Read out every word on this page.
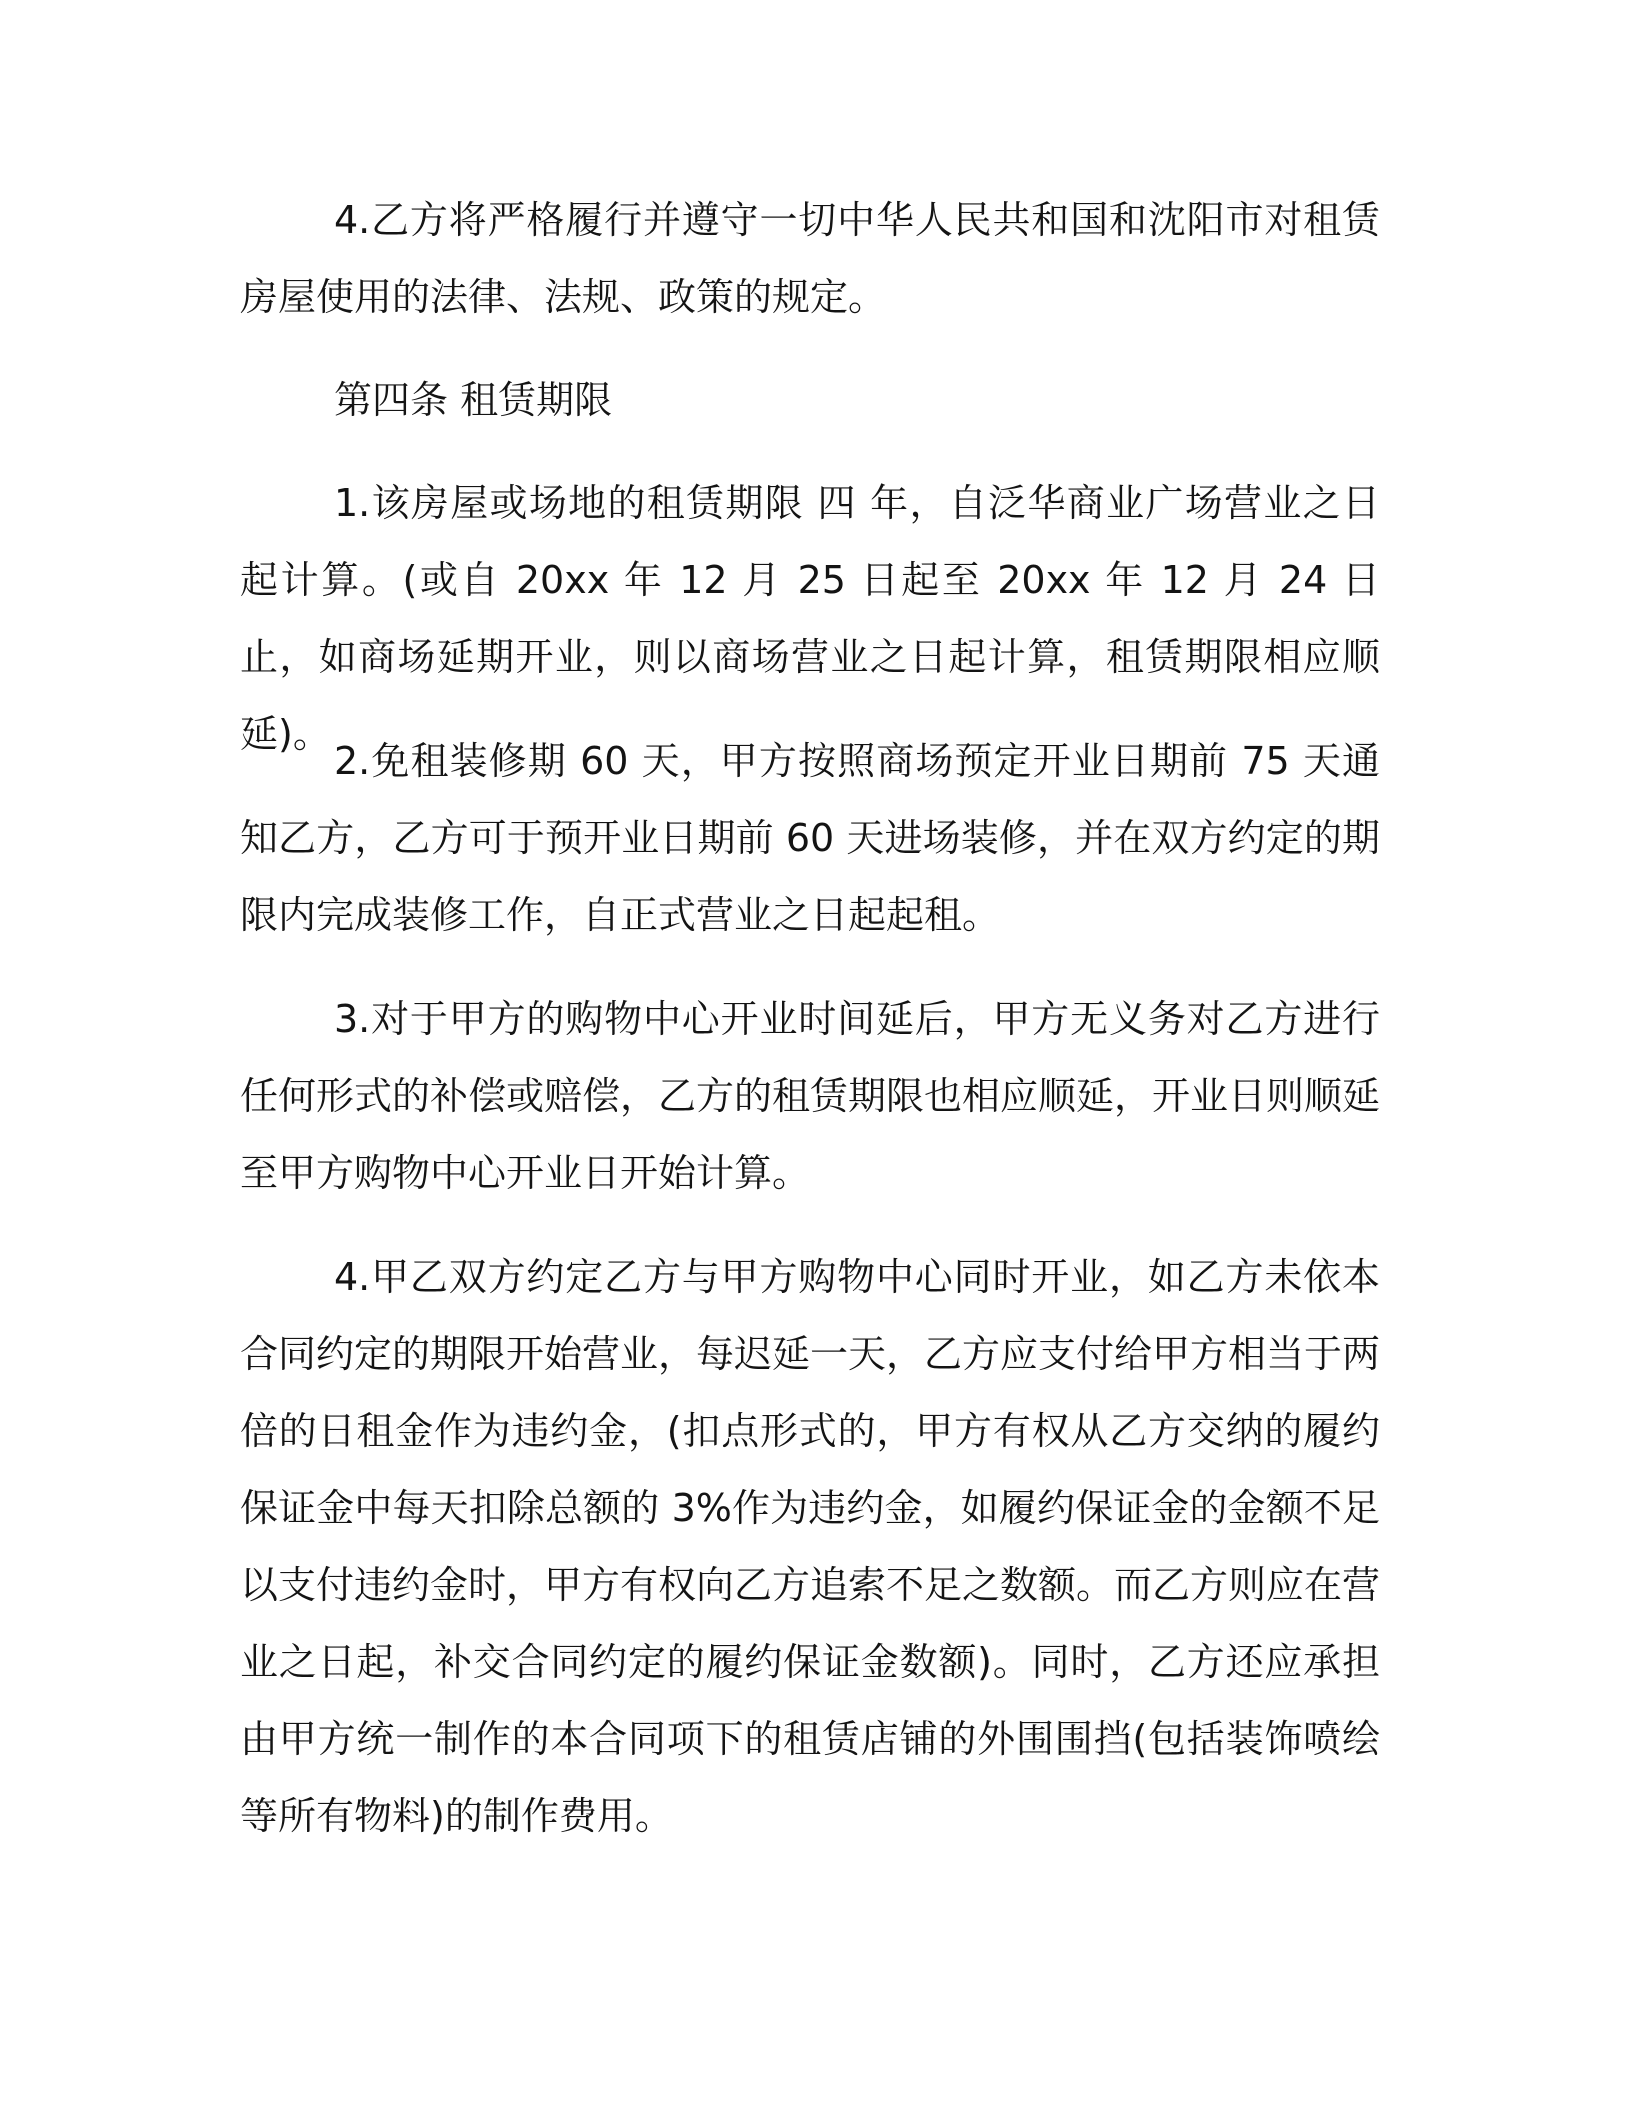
4.乙方将严格履行并遵守一切中华人民共和国和沈阳市对租赁房屋使用的法律、法规、政策的规定。

第四条 租赁期限

1.该房屋或场地的租赁期限 四 年，自泛华商业广场营业之日起计算。(或自 20xx 年 12 月 25 日起至 20xx 年 12 月 24 日止，如商场延期开业，则以商场营业之日起计算，租赁期限相应顺延)。

2.免租装修期 60 天，甲方按照商场预定开业日期前 75 天通知乙方，乙方可于预开业日期前 60 天进场装修，并在双方约定的期限内完成装修工作，自正式营业之日起起租。

3.对于甲方的购物中心开业时间延后，甲方无义务对乙方进行任何形式的补偿或赔偿，乙方的租赁期限也相应顺延，开业日则顺延至甲方购物中心开业日开始计算。

4.甲乙双方约定乙方与甲方购物中心同时开业，如乙方未依本合同约定的期限开始营业，每迟延一天，乙方应支付给甲方相当于两倍的日租金作为违约金，(扣点形式的，甲方有权从乙方交纳的履约保证金中每天扣除总额的 3%作为违约金，如履约保证金的金额不足以支付违约金时，甲方有权向乙方追索不足之数额。而乙方则应在营业之日起，补交合同约定的履约保证金数额)。同时，乙方还应承担由甲方统一制作的本合同项下的租赁店铺的外围围挡(包括装饰喷绘等所有物料)的制作费用。
